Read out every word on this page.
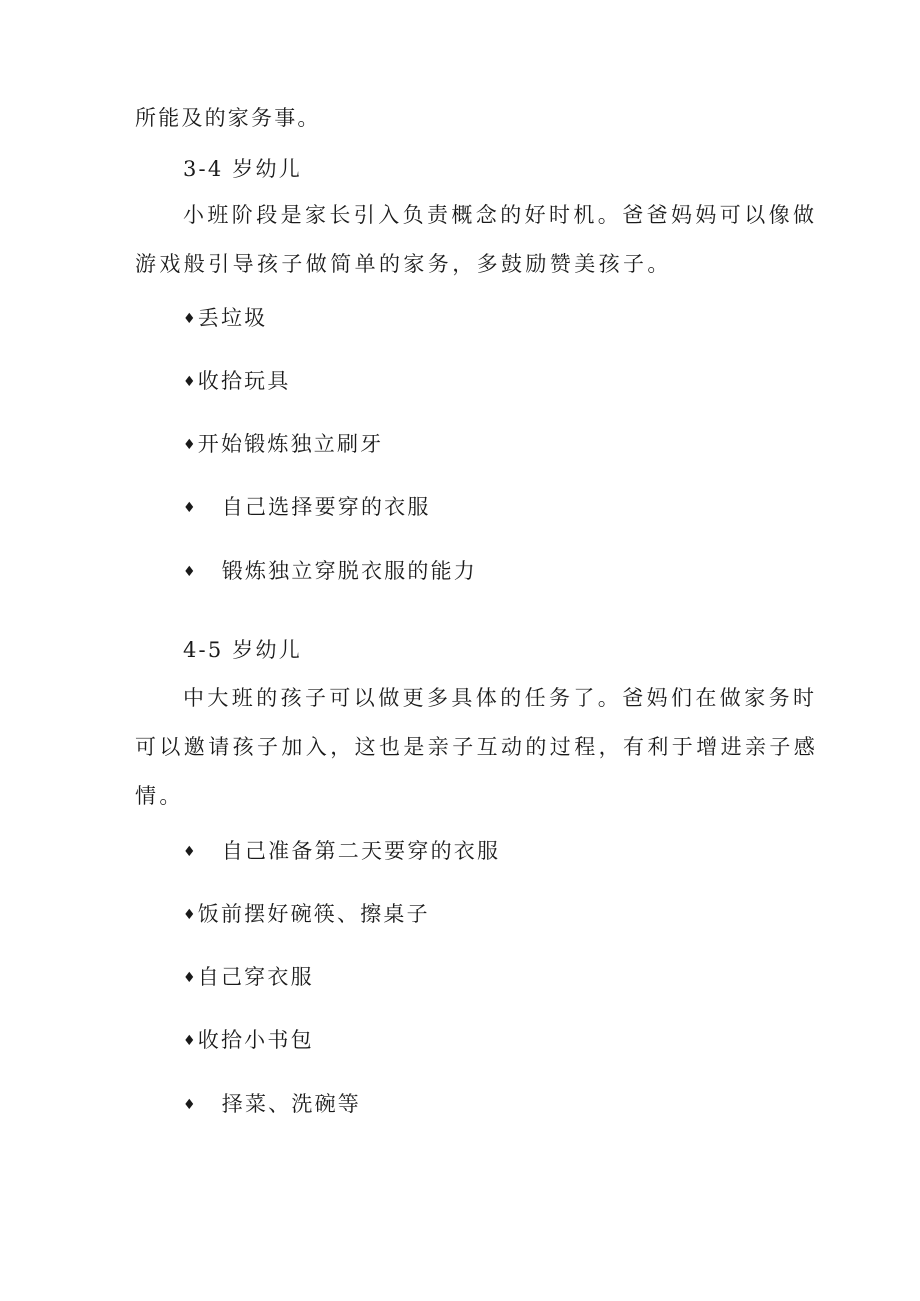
所能及的家务事。
3-4 岁幼儿
小班阶段是家长引入负责概念的好时机。爸爸妈妈可以像做
游戏般引导孩子做简单的家务，多鼓励赞美孩子。
♦丢垃圾
♦收拾玩具
♦开始锻炼独立刷牙
♦ 自己选择要穿的衣服
♦ 锻炼独立穿脱衣服的能力
4-5 岁幼儿
中大班的孩子可以做更多具体的任务了。爸妈们在做家务时
可以邀请孩子加入，这也是亲子互动的过程，有利于增进亲子感
情。
♦ 自己准备第二天要穿的衣服
♦饭前摆好碗筷、擦桌子
♦自己穿衣服
♦收拾小书包
♦ 择菜、洗碗等
